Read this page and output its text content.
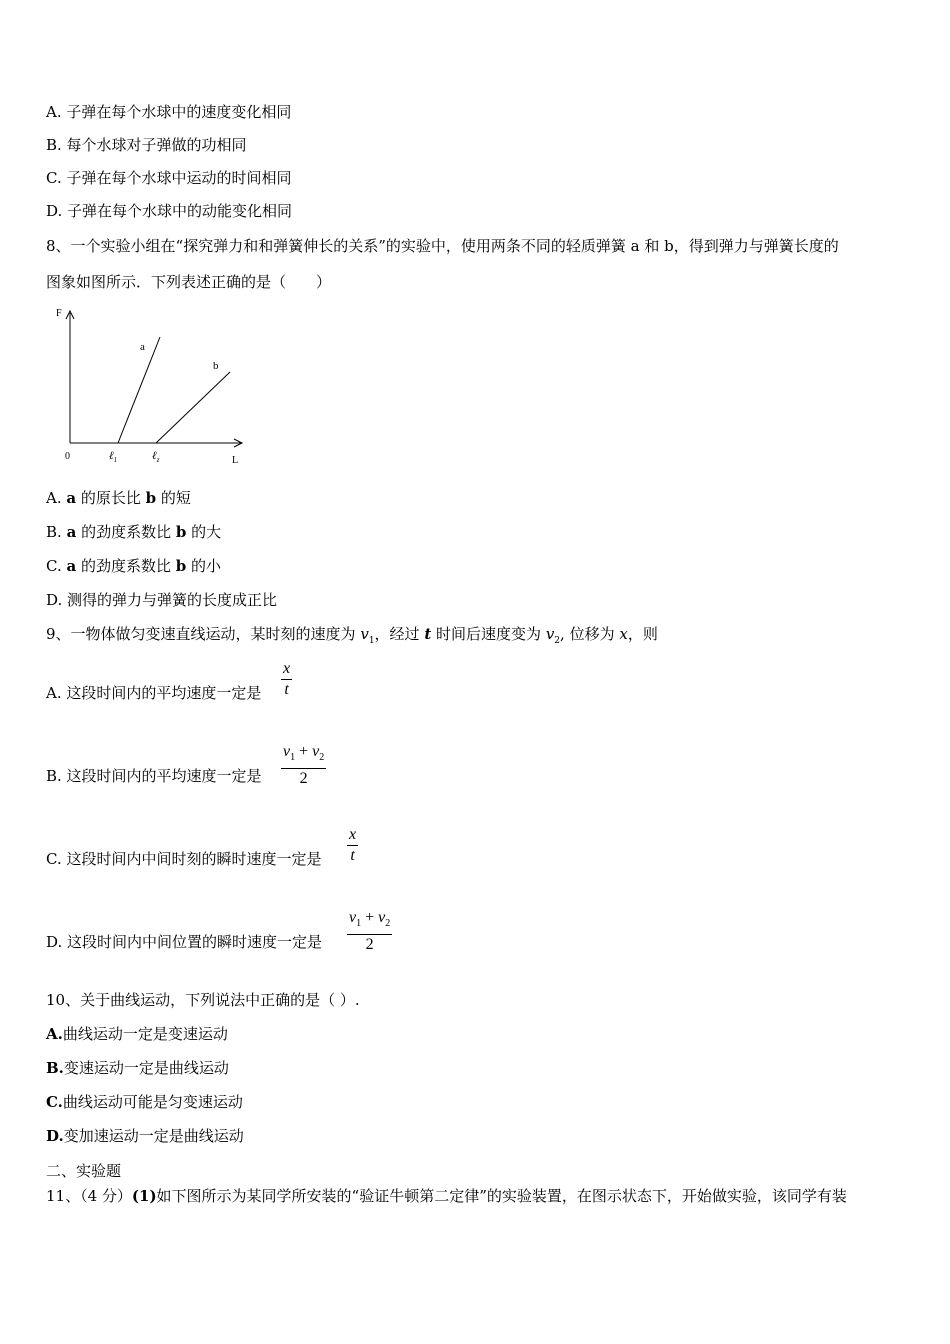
A. 子弹在每个水球中的速度变化相同
B. 每个水球对子弹做的功相同
C. 子弹在每个水球中运动的时间相同
D. 子弹在每个水球中的动能变化相同
8、一个实验小组在“探究弹力和和弹簧伸长的关系”的实验中，使用两条不同的轻质弹簧 a 和 b，得到弹力与弹簧长度的
图象如图所示．下列表述正确的是（　　）
F
L
0
a
b
ℓ$_1$	ℓ$_z$
A. a 的原长比 b 的短
B. a 的劲度系数比 b 的大
C. a 的劲度系数比 b 的小
D. 测得的弹力与弹簧的长度成正比
9、一物体做匀变速直线运动，某时刻的速度为 $v_1$，经过 t 时间后速度变为 $v_2$, 位移为 x，则
A. 这段时间内的平均速度一定是 $\frac{x}{t}$
B. 这段时间内的平均速度一定是 $\frac{v_1 + v_2}{2}$
C. 这段时间内中间时刻的瞬时速度一定是 $\frac{x}{t}$
D. 这段时间内中间位置的瞬时速度一定是 $\frac{v_1 + v_2}{2}$
10、关于曲线运动，下列说法中正确的是（ ）.
A.曲线运动一定是变速运动
B.变速运动一定是曲线运动
C.曲线运动可能是匀变速运动
D.变加速运动一定是曲线运动
二、实验题
11、（4 分）(1)如下图所示为某同学所安装的“验证牛顿第二定律”的实验装置，在图示状态下，开始做实验，该同学有装
